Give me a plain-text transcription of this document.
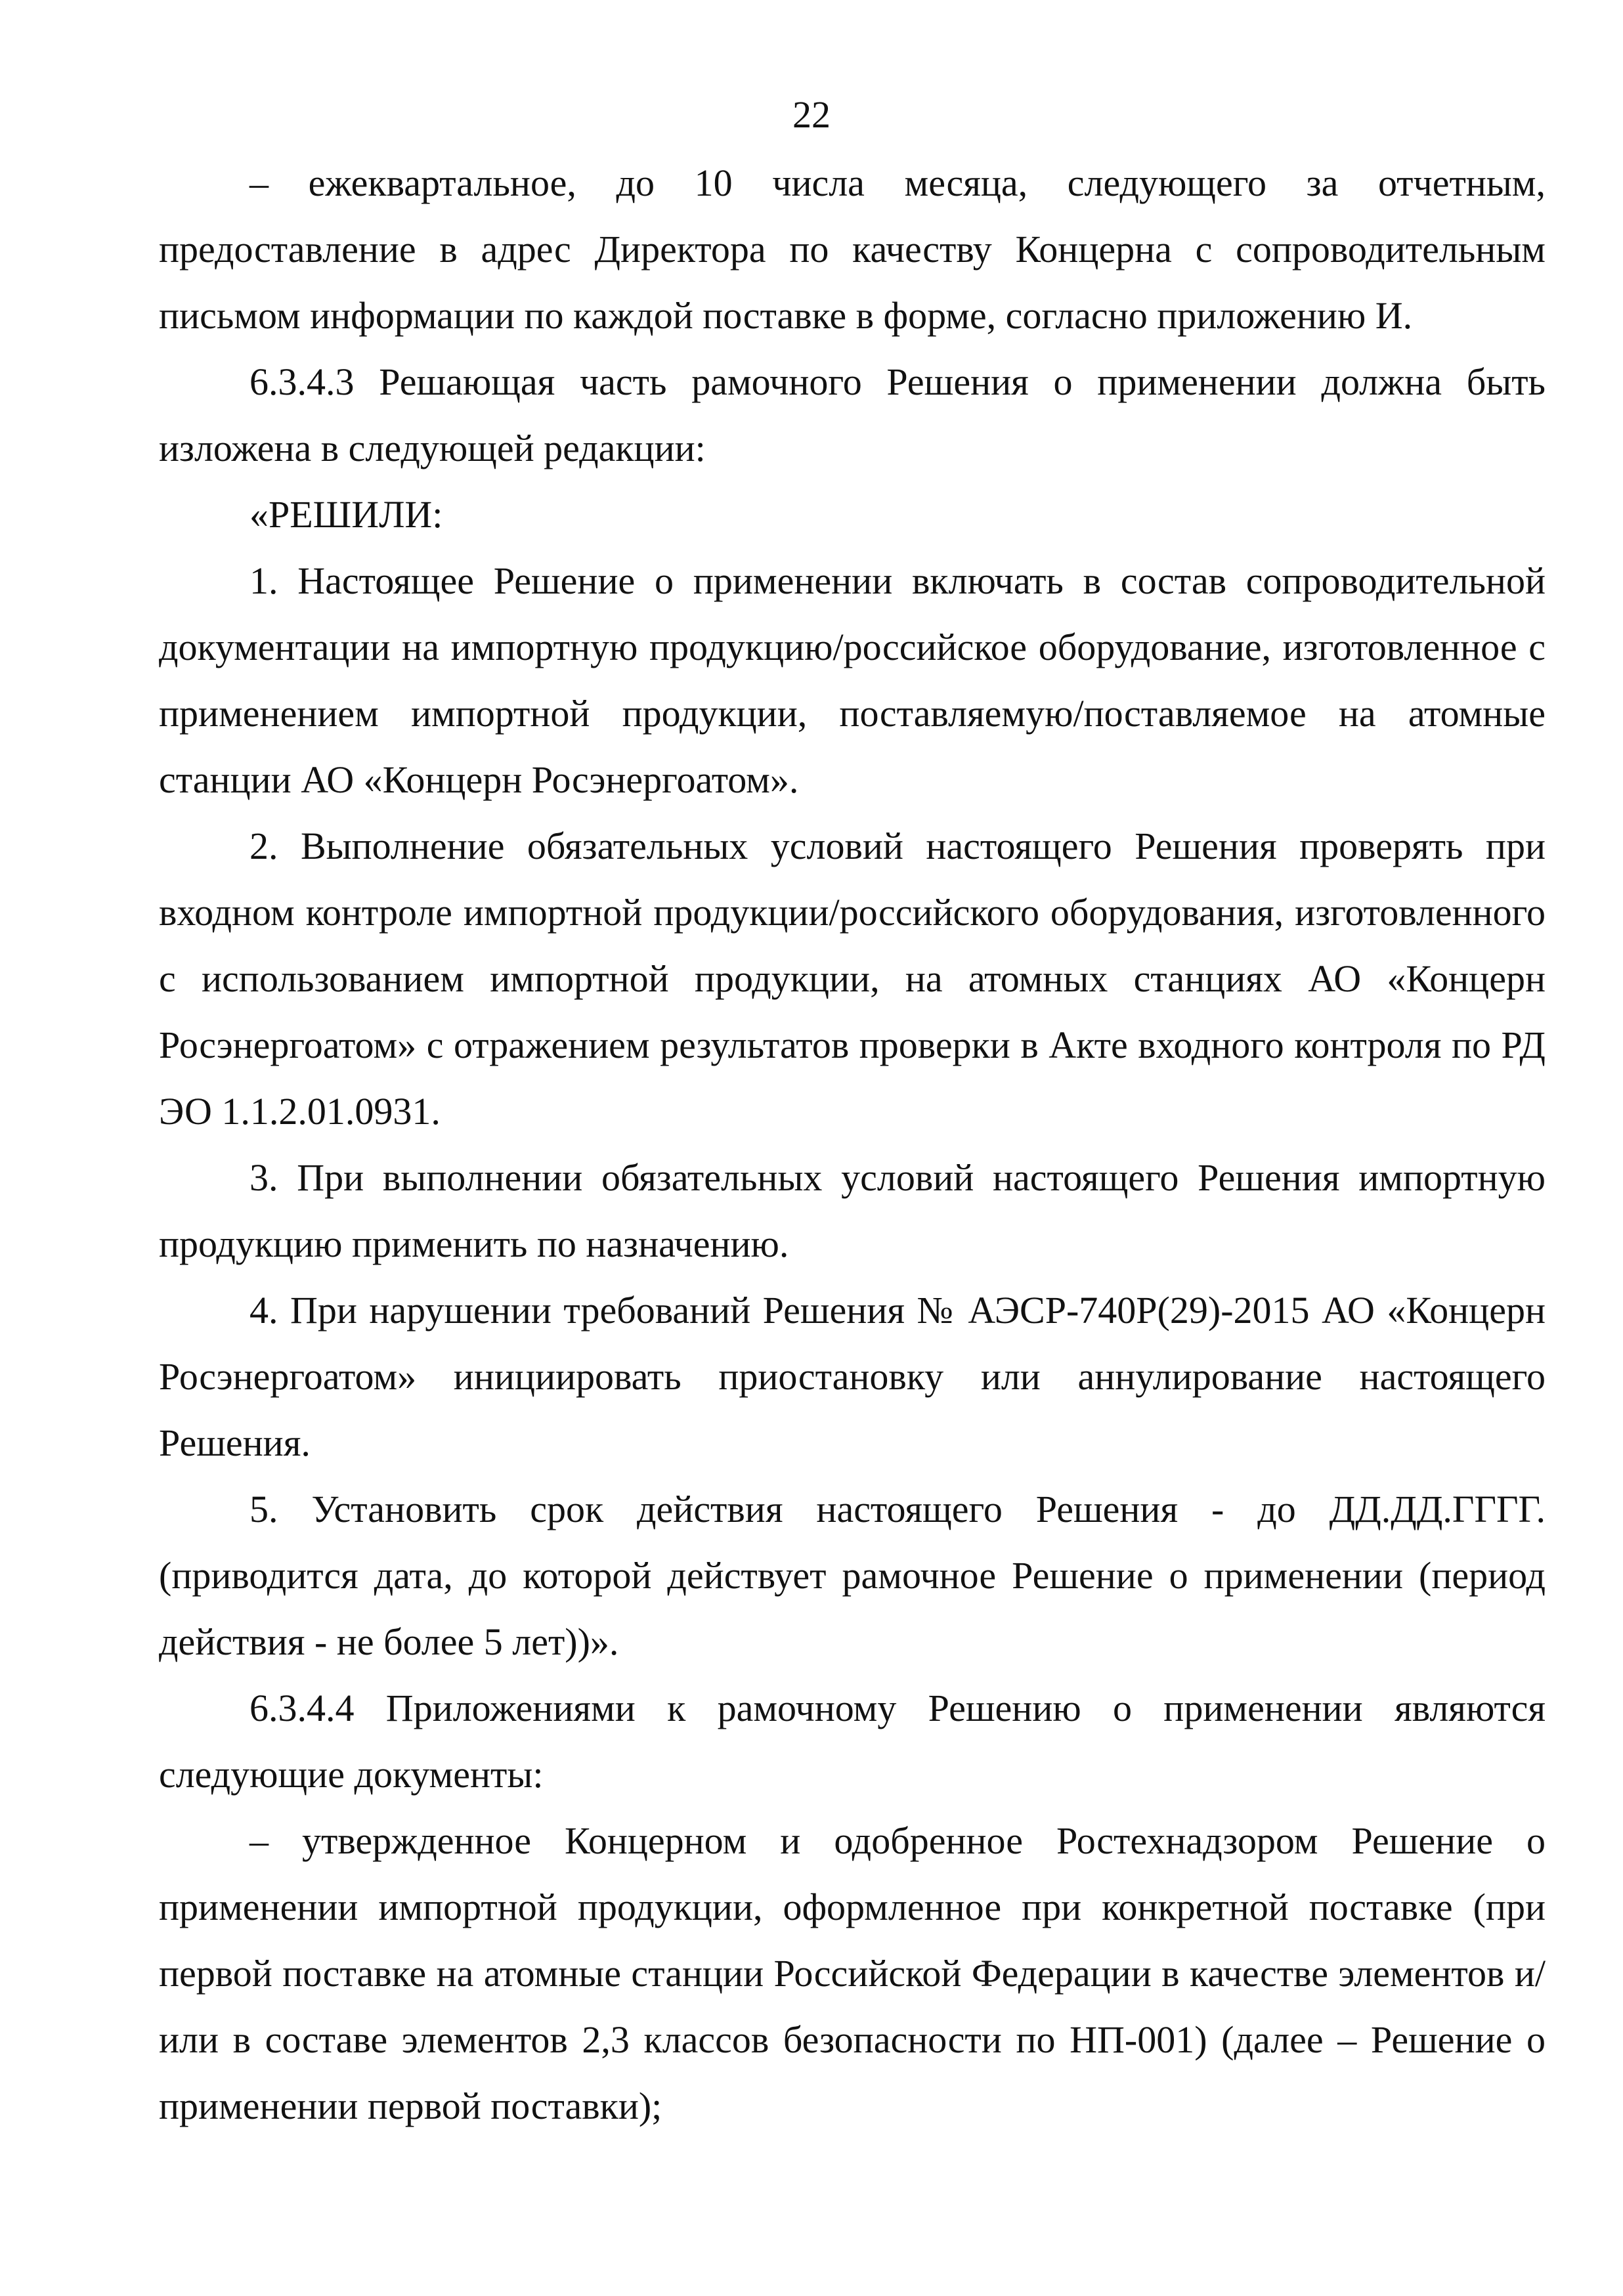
22

– ежеквартальное, до 10 числа месяца, следующего за отчетным, предоставление в адрес Директора по качеству Концерна с сопроводительным письмом информации по каждой поставке в форме, согласно приложению И.

6.3.4.3 Решающая часть рамочного Решения о применении должна быть изложена в следующей редакции:

«РЕШИЛИ:

1. Настоящее Решение о применении включать в состав сопроводительной документации на импортную продукцию/российское оборудование, изготовленное с применением импортной продукции, поставляемую/поставляемое на атомные станции АО «Концерн Росэнергоатом».

2. Выполнение обязательных условий настоящего Решения проверять при входном контроле импортной продукции/российского оборудования, изготовленного с использованием импортной продукции, на атомных станциях АО «Концерн Росэнергоатом» с отражением результатов проверки в Акте входного контроля по РД ЭО 1.1.2.01.0931.

3. При выполнении обязательных условий настоящего Решения импортную продукцию применить по назначению.

4. При нарушении требований Решения № АЭСР-740Р(29)-2015 АО «Концерн Росэнергоатом» инициировать приостановку или аннулирование настоящего Решения.

5. Установить срок действия настоящего Решения - до ДД.ДД.ГГГГ. (приводится дата, до которой действует рамочное Решение о применении (период действия - не более 5 лет))».

6.3.4.4 Приложениями к рамочному Решению о применении являются следующие документы:

– утвержденное Концерном и одобренное Ростехнадзором Решение о применении импортной продукции, оформленное при конкретной поставке (при первой поставке на атомные станции Российской Федерации в качестве элементов и/или в составе элементов 2,3 классов безопасности по НП-001) (далее – Решение о применении первой поставки);
